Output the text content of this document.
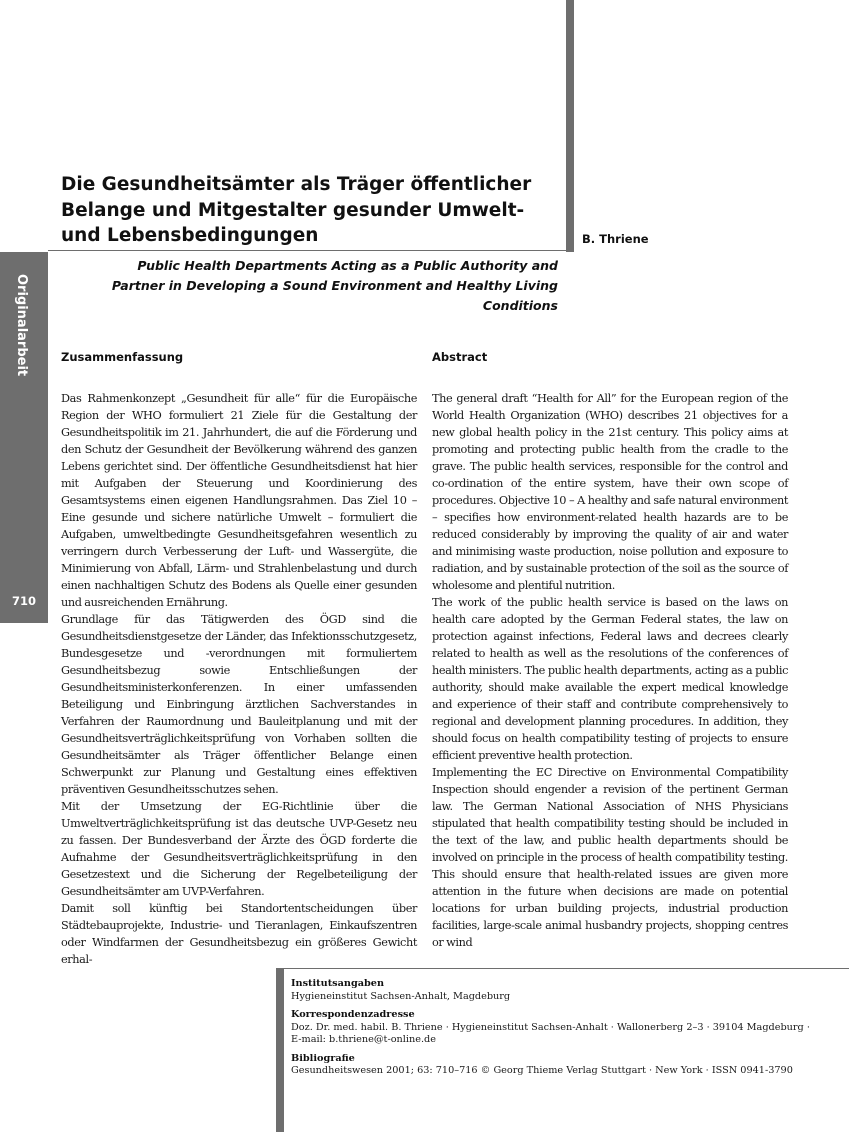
Die Gesundheitsämter als Träger öffentlicher Belange und Mitgestalter gesunder Umwelt- und Lebensbedingungen	B. Thriene
Originalarbeit
710

Public Health Departments Acting as a Public Authority and Partner in Developing a Sound Environment and Healthy Living Conditions

Zusammenfassung

Das Rahmenkonzept „Gesundheit für alle“ für die Europäische Region der WHO formuliert 21 Ziele für die Gestaltung der Gesundheitspolitik im 21. Jahrhundert, die auf die Förderung und den Schutz der Gesundheit der Bevölkerung während des ganzen Lebens gerichtet sind. Der öffentliche Gesundheitsdienst hat hier mit Aufgaben der Steuerung und Koordinierung des Gesamtsystems einen eigenen Handlungsrahmen. Das Ziel 10 – Eine gesunde und sichere natürliche Umwelt – formuliert die Aufgaben, umweltbedingte Gesundheitsgefahren wesentlich zu verringern durch Verbesserung der Luft- und Wassergüte, die Minimierung von Abfall, Lärm- und Strahlenbelastung und durch einen nachhaltigen Schutz des Bodens als Quelle einer gesunden und ausreichenden Ernährung.

Grundlage für das Tätigwerden des ÖGD sind die Gesundheitsdienstgesetze der Länder, das Infektionsschutzgesetz, Bundesgesetze und -verordnungen mit formuliertem Gesundheitsbezug sowie Entschließungen der Gesundheitsministerkonferenzen. In einer umfassenden Beteiligung und Einbringung ärztlichen Sachverstandes in Verfahren der Raumordnung und Bauleitplanung und mit der Gesundheitsverträglichkeitsprüfung von Vorhaben sollten die Gesundheitsämter als Träger öffentlicher Belange einen Schwerpunkt zur Planung und Gestaltung eines effektiven präventiven Gesundheitsschutzes sehen.

Mit der Umsetzung der EG-Richtlinie über die Umweltverträglichkeitsprüfung ist das deutsche UVP-Gesetz neu zu fassen. Der Bundesverband der Ärzte des ÖGD forderte die Aufnahme der Gesundheitsverträglichkeitsprüfung in den Gesetzestext und die Sicherung der Regelbeteiligung der Gesundheitsämter am UVP-Verfahren.

Damit soll künftig bei Standortentscheidungen über Städtebauprojekte, Industrie- und Tieranlagen, Einkaufszentren oder Windfarmen der Gesundheitsbezug ein größeres Gewicht erhal-

Abstract

The general draft “Health for All” for the European region of the World Health Organization (WHO) describes 21 objectives for a new global health policy in the 21st century. This policy aims at promoting and protecting public health from the cradle to the grave. The public health services, responsible for the control and co-ordination of the entire system, have their own scope of procedures. Objective 10 – A healthy and safe natural environment – specifies how environment-related health hazards are to be reduced considerably by improving the quality of air and water and minimising waste production, noise pollution and exposure to radiation, and by sustainable protection of the soil as the source of wholesome and plentiful nutrition.

The work of the public health service is based on the laws on health care adopted by the German Federal states, the law on protection against infections, Federal laws and decrees clearly related to health as well as the resolutions of the conferences of health ministers. The public health departments, acting as a public authority, should make available the expert medical knowledge and experience of their staff and contribute comprehensively to regional and development planning procedures. In addition, they should focus on health compatibility testing of projects to ensure efficient preventive health protection.

Implementing the EC Directive on Environmental Compatibility Inspection should engender a revision of the pertinent German law. The German National Association of NHS Physicians stipulated that health compatibility testing should be included in the text of the law, and public health departments should be involved on principle in the process of health compatibility testing. This should ensure that health-related issues are given more attention in the future when decisions are made on potential locations for urban building projects, industrial production facilities, large-scale animal husbandry projects, shopping centres or wind

Institutsangaben
Hygieneinstitut Sachsen-Anhalt, Magdeburg
Korrespondenzadresse
Doz. Dr. med. habil. B. Thriene · Hygieneinstitut Sachsen-Anhalt · Wallonerberg 2–3 · 39104 Magdeburg ·
E-mail: b.thriene@t-online.de
Bibliografie
Gesundheitswesen 2001; 63: 710–716 © Georg Thieme Verlag Stuttgart · New York · ISSN 0941-3790
